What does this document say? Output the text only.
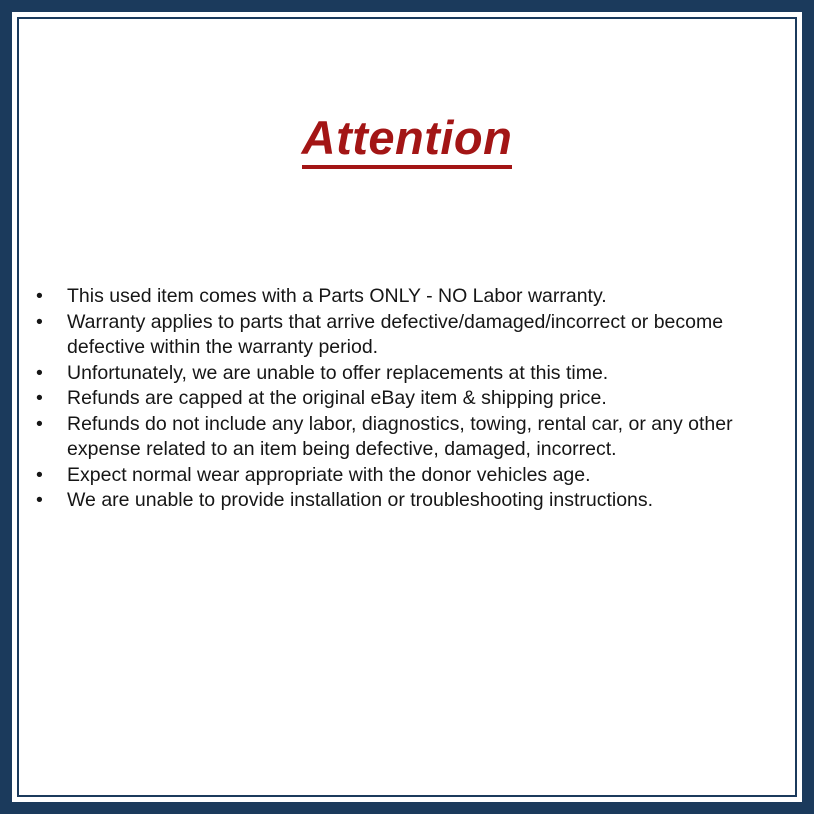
Attention
•	This used item comes with a Parts ONLY - NO Labor warranty.
•	Warranty applies to parts that arrive defective/damaged/incorrect or become defective within the warranty period.
•	Unfortunately, we are unable to offer replacements at this time.
•	Refunds are capped at the original eBay item & shipping price.
•	Refunds do not include any labor, diagnostics, towing, rental car, or any other expense related to an item being defective, damaged, incorrect.
•	Expect normal wear appropriate with the donor vehicles age.
•	We are unable to provide installation or troubleshooting instructions.
